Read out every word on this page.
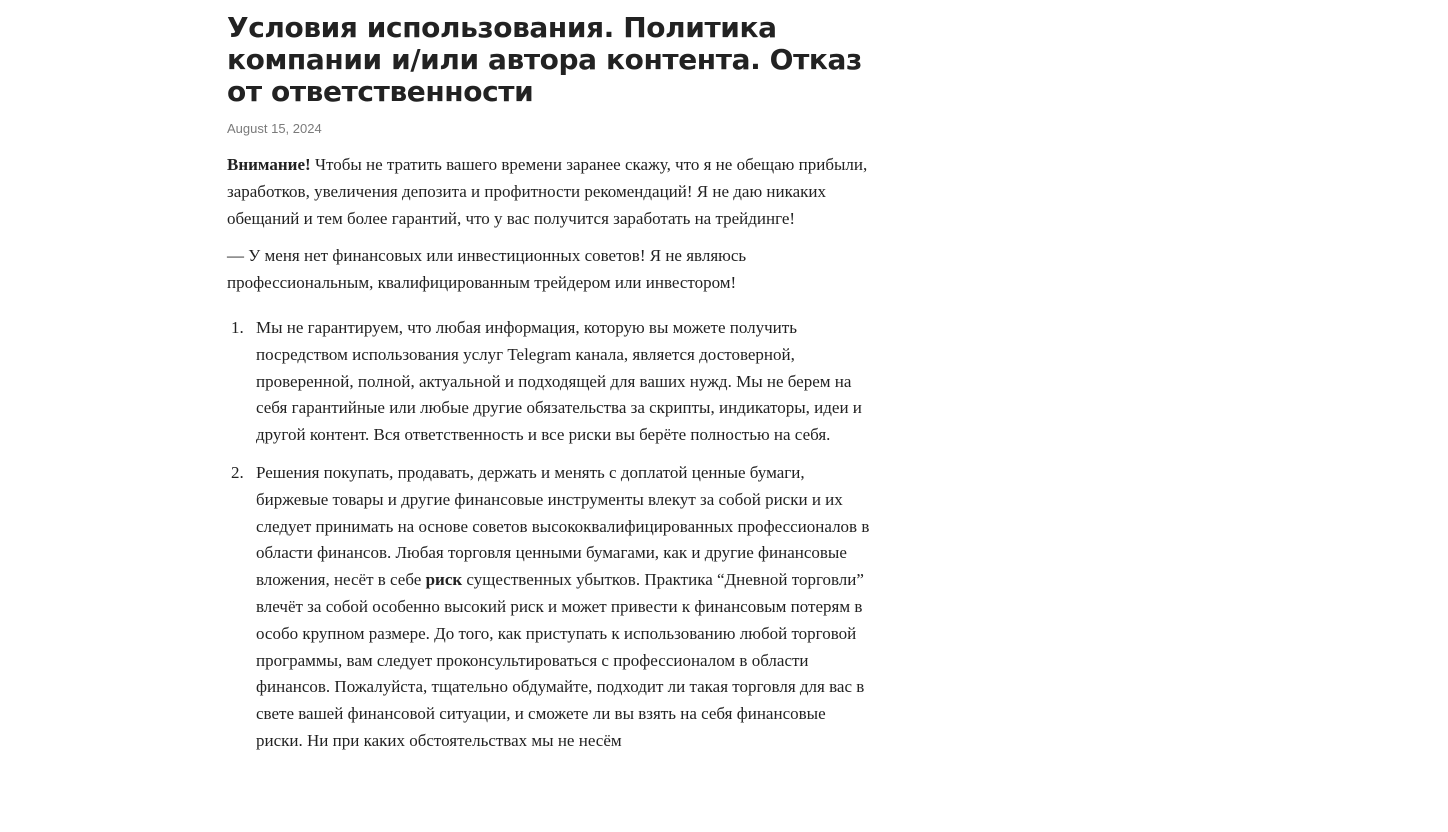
Условия использования. Политика компании и/или автора контента. Отказ от ответственности
August 15, 2024

Внимание! Чтобы не тратить вашего времени заранее скажу, что я не обещаю прибыли, заработков, увеличения депозита и профитности рекомендаций! Я не даю никаких обещаний и тем более гарантий, что у вас получится заработать на трейдинге!

— У меня нет финансовых или инвестиционных советов! Я не являюсь профессиональным, квалифицированным трейдером или инвестором!

1. Мы не гарантируем, что любая информация, которую вы можете получить посредством использования услуг Telegram канала, является достоверной, проверенной, полной, актуальной и подходящей для ваших нужд. Мы не берем на себя гарантийные или любые другие обязательства за скрипты, индикаторы, идеи и другой контент. Вся ответственность и все риски вы берёте полностью на себя.
2. Решения покупать, продавать, держать и менять с доплатой ценные бумаги, биржевые товары и другие финансовые инструменты влекут за собой риски и их следует принимать на основе советов высококвалифицированных профессионалов в области финансов. Любая торговля ценными бумагами, как и другие финансовые вложения, несёт в себе риск существенных убытков. Практика “Дневной торговли” влечёт за собой особенно высокий риск и может привести к финансовым потерям в особо крупном размере. До того, как приступать к использованию любой торговой программы, вам следует проконсультироваться с профессионалом в области финансов. Пожалуйста, тщательно обдумайте, подходит ли такая торговля для вас в свете вашей финансовой ситуации, и сможете ли вы взять на себя финансовые риски. Ни при каких обстоятельствах мы не несём
